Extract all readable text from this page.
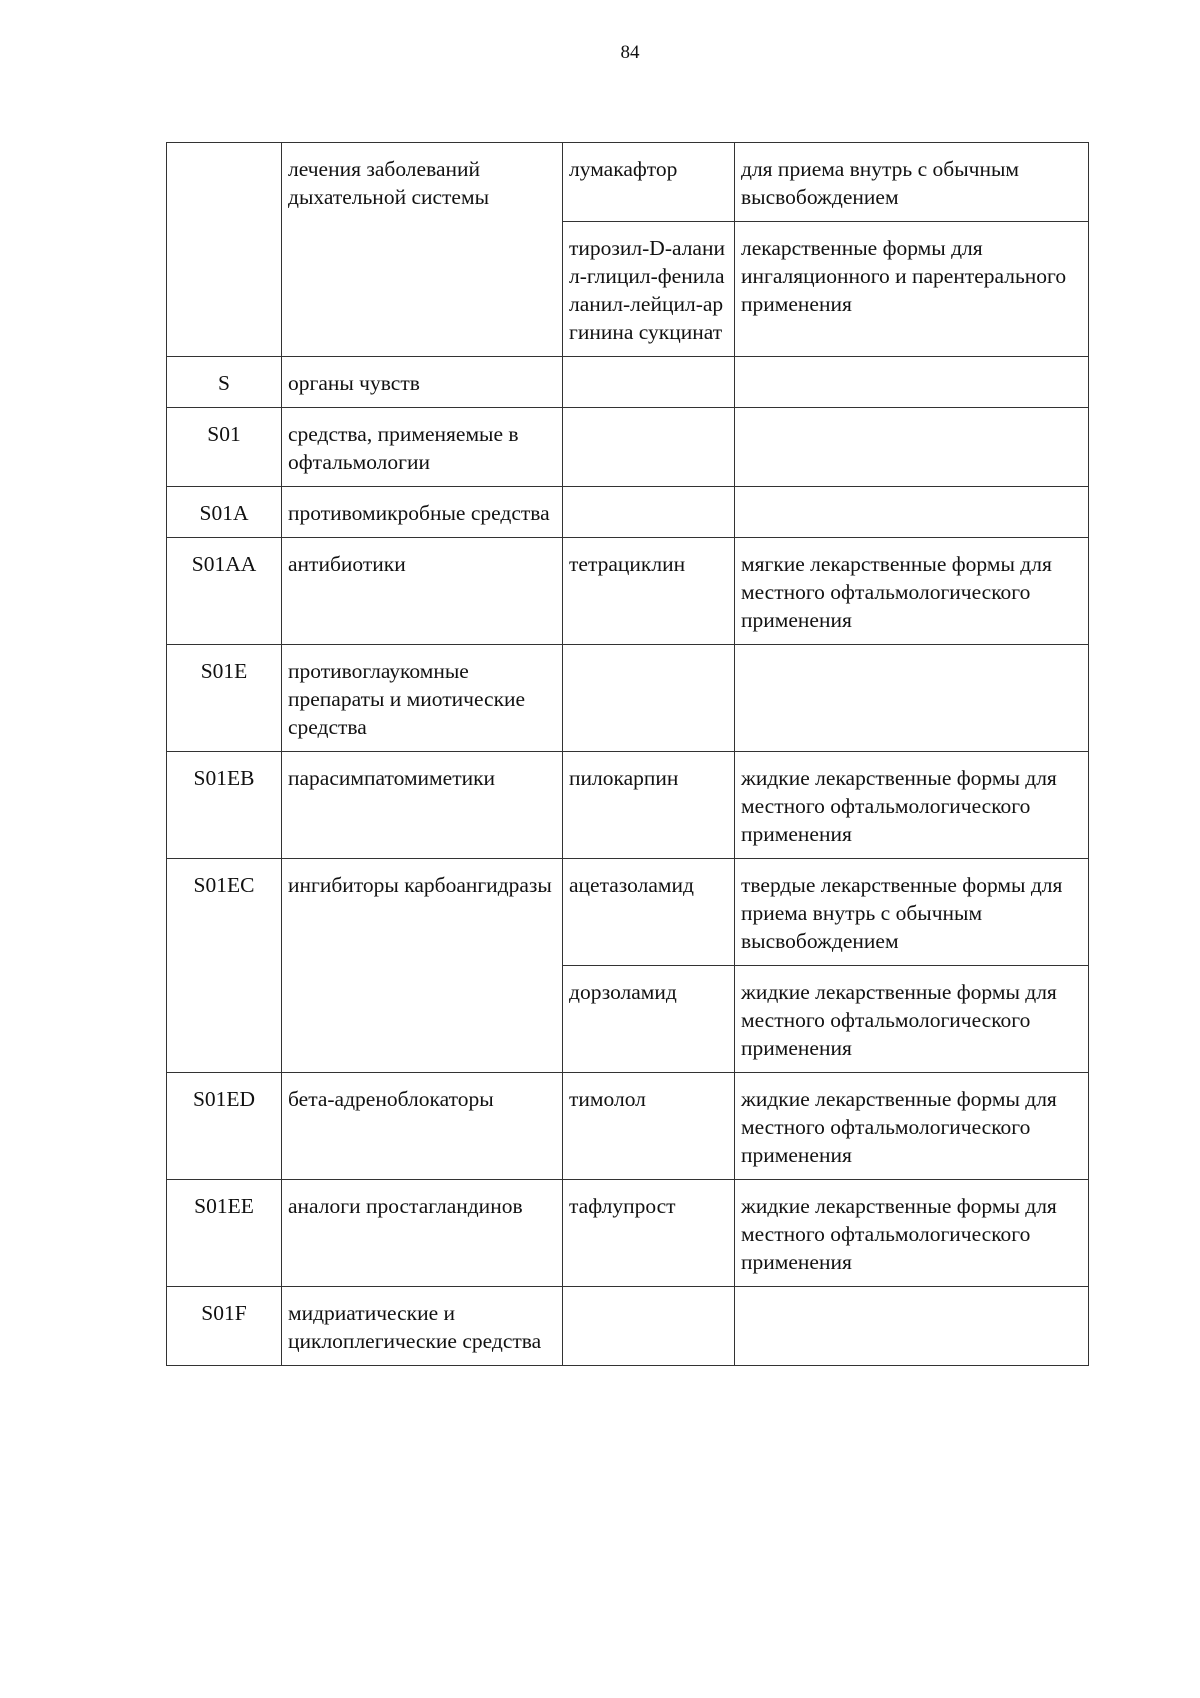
84
	лечения заболеваний дыхательной системы	лумакафтор	для приема внутрь с обычным высвобождением
		тирозил-D-аланил-глицил-фенилаланил-лейцил-аргинина сукцинат	лекарственные формы для ингаляционного и парентерального применения
S	органы чувств		
S01	средства, применяемые в офтальмологии		
S01A	противомикробные средства		
S01AA	антибиотики	тетрациклин	мягкие лекарственные формы для местного офтальмологического применения
S01E	противоглаукомные препараты и миотические средства		
S01EB	парасимпатомиметики	пилокарпин	жидкие лекарственные формы для местного офтальмологического применения
S01EC	ингибиторы карбоангидразы	ацетазоламид	твердые лекарственные формы для приема внутрь с обычным высвобождением
		дорзоламид	жидкие лекарственные формы для местного офтальмологического применения
S01ED	бета-адреноблокаторы	тимолол	жидкие лекарственные формы для местного офтальмологического применения
S01EE	аналоги простагландинов	тафлупрост	жидкие лекарственные формы для местного офтальмологического применения
S01F	мидриатические и циклоплегические средства		
